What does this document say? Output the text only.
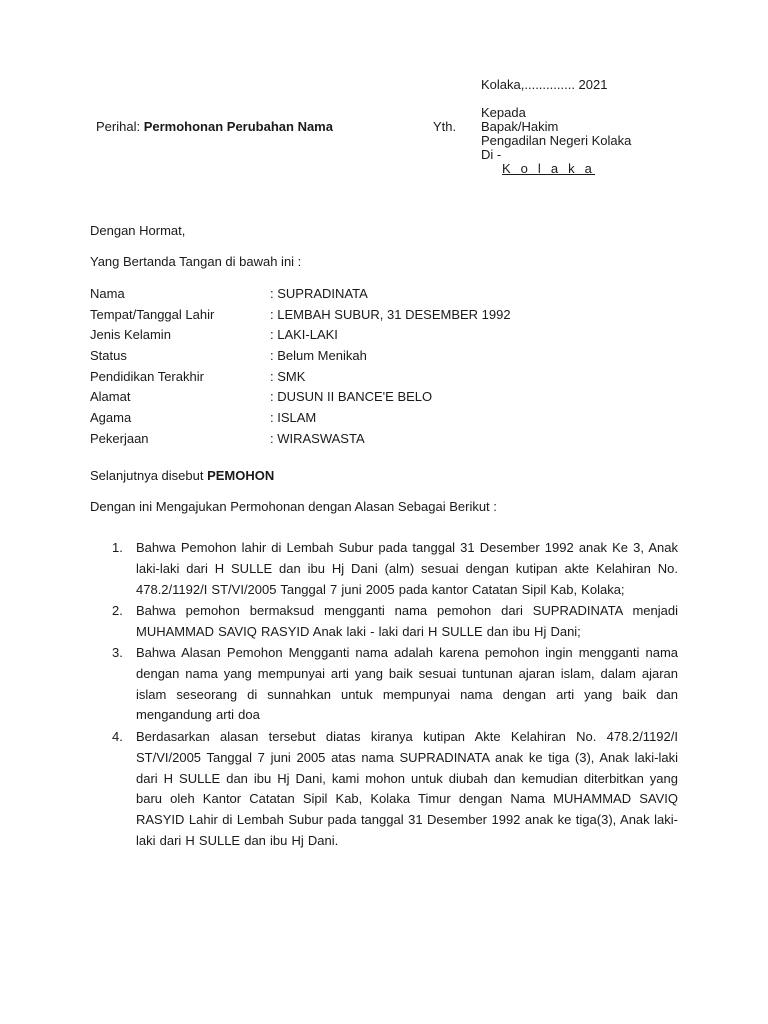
Kolaka,.............. 2021
Perihal: Permohonan Perubahan Nama	Yth.
Kepada
Bapak/Hakim
Pengadilan Negeri Kolaka
Di -
K o l a k a
Dengan Hormat,
Yang Bertanda Tangan di bawah ini :
Nama	: SUPRADINATA
Tempat/Tanggal Lahir	: LEMBAH SUBUR, 31 DESEMBER 1992
Jenis Kelamin	: LAKI-LAKI
Status	: Belum Menikah
Pendidikan Terakhir	: SMK
Alamat	: DUSUN II BANCE'E BELO
Agama	: ISLAM
Pekerjaan	: WIRASWASTA
Selanjutnya disebut PEMOHON
Dengan ini Mengajukan Permohonan dengan Alasan Sebagai Berikut :
1. Bahwa Pemohon lahir di Lembah Subur pada tanggal 31 Desember 1992 anak Ke 3, Anak laki-laki dari H SULLE dan ibu Hj Dani (alm) sesuai dengan kutipan akte Kelahiran No. 478.2/1192/I ST/VI/2005 Tanggal 7 juni 2005 pada kantor Catatan Sipil Kab, Kolaka;
2. Bahwa pemohon bermaksud mengganti nama pemohon dari SUPRADINATA menjadi MUHAMMAD SAVIQ RASYID Anak laki - laki dari H SULLE dan ibu Hj Dani;
3. Bahwa Alasan Pemohon Mengganti nama adalah karena pemohon ingin mengganti nama dengan nama yang mempunyai arti yang baik sesuai tuntunan ajaran islam, dalam ajaran islam seseorang di sunnahkan untuk mempunyai nama dengan arti yang baik dan mengandung arti doa
4. Berdasarkan alasan tersebut diatas kiranya kutipan Akte Kelahiran No. 478.2/1192/I ST/VI/2005 Tanggal 7 juni 2005 atas nama SUPRADINATA anak ke tiga (3), Anak laki-laki dari H SULLE dan ibu Hj Dani, kami mohon untuk diubah dan kemudian diterbitkan yang baru oleh Kantor Catatan Sipil Kab, Kolaka Timur dengan Nama MUHAMMAD SAVIQ RASYID Lahir di Lembah Subur pada tanggal 31 Desember 1992 anak ke tiga(3), Anak laki-laki dari H SULLE dan ibu Hj Dani.
